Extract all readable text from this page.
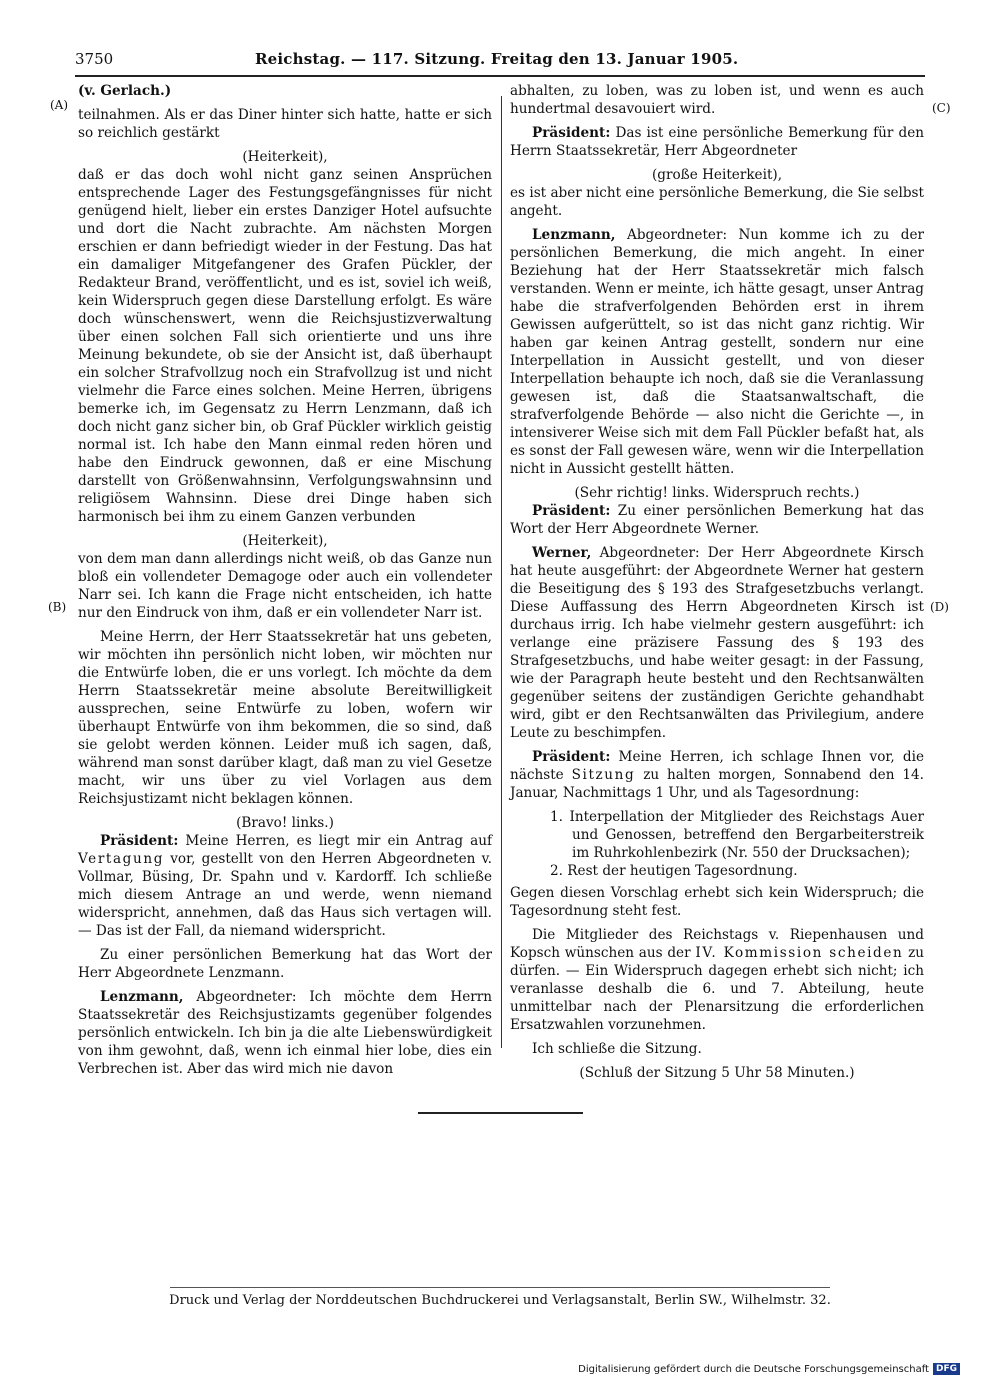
3750	Reichstag. — 117. Sitzung. Freitag den 13. Januar 1905.
(A)
(B)
(C)
(D)

(v. Gerlach.)

teilnahmen. Als er das Diner hinter sich hatte, hatte er sich so reichlich gestärkt

(Heiterkeit),

daß er das doch wohl nicht ganz seinen Ansprüchen entsprechende Lager des Festungsgefängnisses für nicht genügend hielt, lieber ein erstes Danziger Hotel aufsuchte und dort die Nacht zubrachte. Am nächsten Morgen erschien er dann befriedigt wieder in der Festung. Das hat ein damaliger Mitgefangener des Grafen Pückler, der Redakteur Brand, veröffentlicht, und es ist, soviel ich weiß, kein Widerspruch gegen diese Darstellung erfolgt. Es wäre doch wünschenswert, wenn die Reichsjustizverwaltung über einen solchen Fall sich orientierte und uns ihre Meinung bekundete, ob sie der Ansicht ist, daß überhaupt ein solcher Strafvollzug noch ein Strafvollzug ist und nicht vielmehr die Farce eines solchen. Meine Herren, übrigens bemerke ich, im Gegensatz zu Herrn Lenzmann, daß ich doch nicht ganz sicher bin, ob Graf Pückler wirklich geistig normal ist. Ich habe den Mann einmal reden hören und habe den Eindruck gewonnen, daß er eine Mischung darstellt von Größenwahnsinn, Verfolgungswahnsinn und religiösem Wahnsinn. Diese drei Dinge haben sich harmonisch bei ihm zu einem Ganzen verbunden

(Heiterkeit),

von dem man dann allerdings nicht weiß, ob das Ganze nun bloß ein vollendeter Demagoge oder auch ein vollendeter Narr sei. Ich kann die Frage nicht entscheiden, ich hatte nur den Eindruck von ihm, daß er ein vollendeter Narr ist.

Meine Herrn, der Herr Staatssekretär hat uns gebeten, wir möchten ihn persönlich nicht loben, wir möchten nur die Entwürfe loben, die er uns vorlegt. Ich möchte da dem Herrn Staatssekretär meine absolute Bereitwilligkeit aussprechen, seine Entwürfe zu loben, wofern wir überhaupt Entwürfe von ihm bekommen, die so sind, daß sie gelobt werden können. Leider muß ich sagen, daß, während man sonst darüber klagt, daß man zu viel Gesetze macht, wir uns über zu viel Vorlagen aus dem Reichsjustizamt nicht beklagen können.

(Bravo! links.)

Präsident: Meine Herren, es liegt mir ein Antrag auf Vertagung vor, gestellt von den Herren Abgeordneten v. Vollmar, Büsing, Dr. Spahn und v. Kardorff. Ich schließe mich diesem Antrage an und werde, wenn niemand widerspricht, annehmen, daß das Haus sich vertagen will. — Das ist der Fall, da niemand widerspricht.

Zu einer persönlichen Bemerkung hat das Wort der Herr Abgeordnete Lenzmann.

Lenzmann, Abgeordneter: Ich möchte dem Herrn Staatssekretär des Reichsjustizamts gegenüber folgendes persönlich entwickeln. Ich bin ja die alte Liebenswürdigkeit von ihm gewohnt, daß, wenn ich einmal hier lobe, dies ein Verbrechen ist. Aber das wird mich nie davon

abhalten, zu loben, was zu loben ist, und wenn es auch hundertmal desavouiert wird.

Präsident: Das ist eine persönliche Bemerkung für den Herrn Staatssekretär, Herr Abgeordneter

(große Heiterkeit),

es ist aber nicht eine persönliche Bemerkung, die Sie selbst angeht.

Lenzmann, Abgeordneter: Nun komme ich zu der persönlichen Bemerkung, die mich angeht. In einer Beziehung hat der Herr Staatssekretär mich falsch verstanden. Wenn er meinte, ich hätte gesagt, unser Antrag habe die strafverfolgenden Behörden erst in ihrem Gewissen aufgerüttelt, so ist das nicht ganz richtig. Wir haben gar keinen Antrag gestellt, sondern nur eine Interpellation in Aussicht gestellt, und von dieser Interpellation behaupte ich noch, daß sie die Veranlassung gewesen ist, daß die Staatsanwaltschaft, die strafverfolgende Behörde — also nicht die Gerichte —, in intensiverer Weise sich mit dem Fall Pückler befaßt hat, als es sonst der Fall gewesen wäre, wenn wir die Interpellation nicht in Aussicht gestellt hätten.

(Sehr richtig! links. Widerspruch rechts.)

Präsident: Zu einer persönlichen Bemerkung hat das Wort der Herr Abgeordnete Werner.

Werner, Abgeordneter: Der Herr Abgeordnete Kirsch hat heute ausgeführt: der Abgeordnete Werner hat gestern die Beseitigung des § 193 des Strafgesetzbuchs verlangt. Diese Auffassung des Herrn Abgeordneten Kirsch ist durchaus irrig. Ich habe vielmehr gestern ausgeführt: ich verlange eine präzisere Fassung des § 193 des Strafgesetzbuchs, und habe weiter gesagt: in der Fassung, wie der Paragraph heute besteht und den Rechtsanwälten gegenüber seitens der zuständigen Gerichte gehandhabt wird, gibt er den Rechtsanwälten das Privilegium, andere Leute zu beschimpfen.

Präsident: Meine Herren, ich schlage Ihnen vor, die nächste Sitzung zu halten morgen, Sonnabend den 14. Januar, Nachmittags 1 Uhr, und als Tagesordnung:

1. Interpellation der Mitglieder des Reichstags Auer und Genossen, betreffend den Bergarbeiterstreik im Ruhrkohlenbezirk (Nr. 550 der Drucksachen);
2. Rest der heutigen Tagesordnung.

Gegen diesen Vorschlag erhebt sich kein Widerspruch; die Tagesordnung steht fest.

Die Mitglieder des Reichstags v. Riepenhausen und Kopsch wünschen aus der IV. Kommission scheiden zu dürfen. — Ein Widerspruch dagegen erhebt sich nicht; ich veranlasse deshalb die 6. und 7. Abteilung, heute unmittelbar nach der Plenarsitzung die erforderlichen Ersatzwahlen vorzunehmen.

Ich schließe die Sitzung.

(Schluß der Sitzung 5 Uhr 58 Minuten.)

Druck und Verlag der Norddeutschen Buchdruckerei und Verlagsanstalt, Berlin SW., Wilhelmstr. 32.
Digitalisierung gefördert durch die Deutsche Forschungsgemeinschaft DFG
